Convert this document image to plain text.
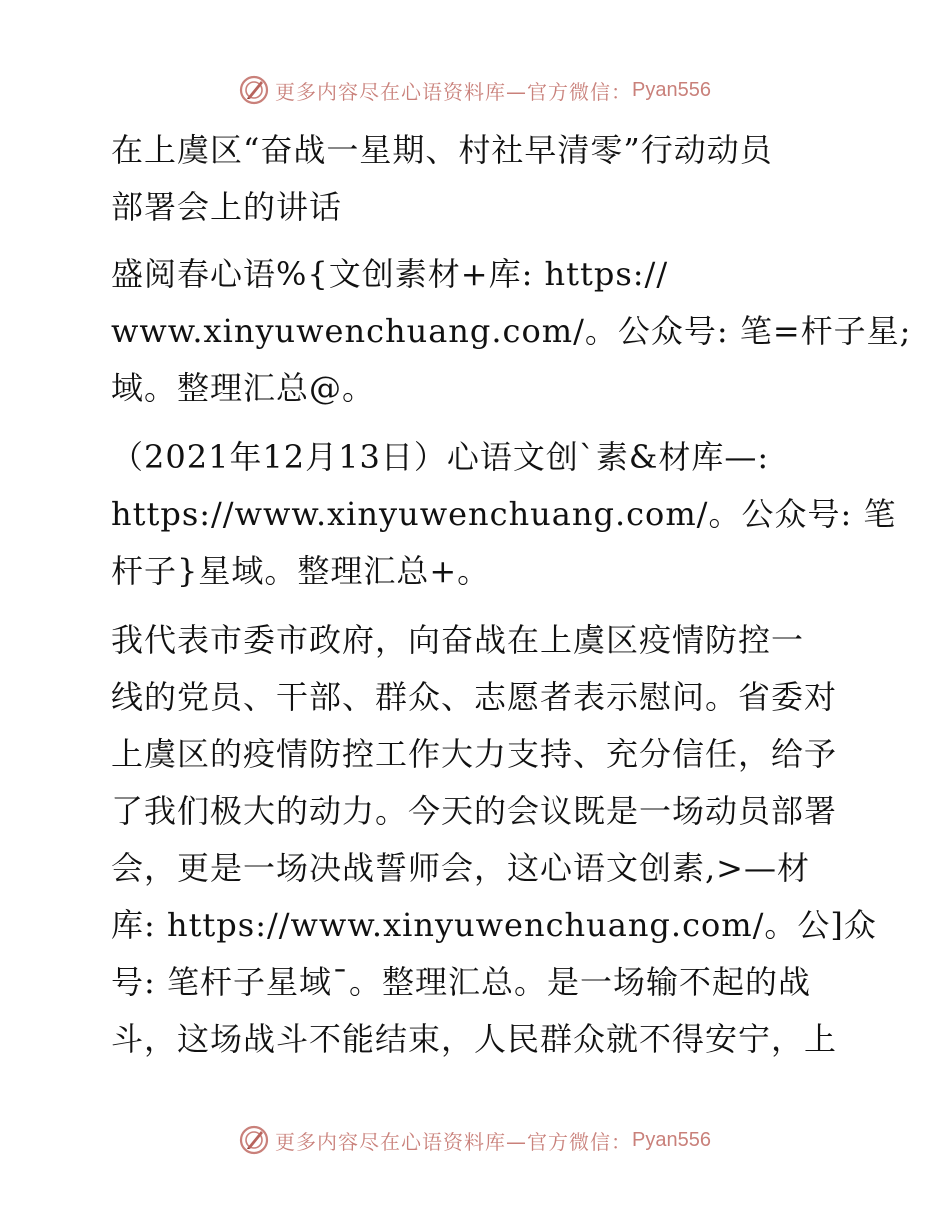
更多内容尽在心语资料库—官方微信： Pyan556

在上虞区“奋战一星期、村社早清零”行动动员
部署会上的讲话

盛阅春心语%{文创素材+库: https://
www.xinyuwenchuang.com/。公众号: 笔=杆子星;
域。整理汇总@。

（2021年12月13日）心语文创`素&材库—:
https://www.xinyuwenchuang.com/。公众号: 笔
杆子}星域。整理汇总+。

我代表市委市政府，向奋战在上虞区疫情防控一
线的党员、干部、群众、志愿者表示慰问。省委对
上虞区的疫情防控工作大力支持、充分信任，给予
了我们极大的动力。今天的会议既是一场动员部署
会，更是一场决战誓师会，这心语文创素,>—材
库: https://www.xinyuwenchuang.com/。公]众
号: 笔杆子星域¯。整理汇总。是一场输不起的战
斗，这场战斗不能结束，人民群众就不得安宁，上

更多内容尽在心语资料库—官方微信： Pyan556
